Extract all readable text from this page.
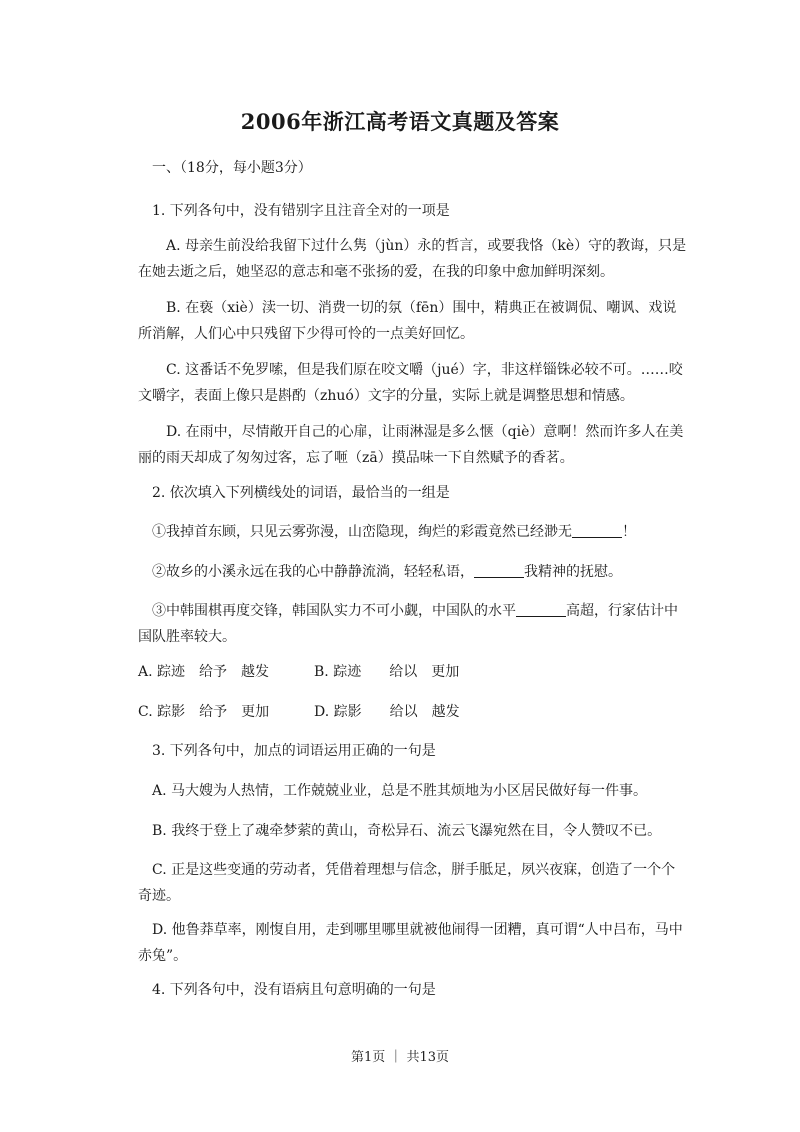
2006年浙江高考语文真题及答案

一、（18分，每小题3分）

1. 下列各句中，没有错别字且注音全对的一项是

A. 母亲生前没给我留下过什么隽（jùn）永的哲言，或要我恪（kè）守的教诲，只是在她去逝之后，她坚忍的意志和毫不张扬的爱，在我的印象中愈加鲜明深刻。

B. 在亵（xiè）渎一切、消费一切的氛（fēn）围中，精典正在被调侃、嘲讽、戏说所消解，人们心中只残留下少得可怜的一点美好回忆。

C. 这番话不免罗嗦，但是我们原在咬文嚼（jué）字，非这样锱铢必较不可。……咬文嚼字，表面上像只是斟酌（zhuó）文字的分量，实际上就是调整思想和情感。

D. 在雨中，尽情敞开自己的心扉，让雨淋湿是多么惬（qiè）意啊！然而许多人在美丽的雨天却成了匆匆过客，忘了咂（zā）摸品味一下自然赋予的香茗。

2. 依次填入下列横线处的词语，最恰当的一组是

①我掉首东顾，只见云雾弥漫，山峦隐现，绚烂的彩霞竟然已经渺无	！

②故乡的小溪永远在我的心中静静流淌，轻轻私语，	我精神的抚慰。

③中韩围棋再度交锋，韩国队实力不可小觑，中国队的水平	高超，行家估计中国队胜率较大。

A. 踪迹　给予　越发	B. 踪迹　　给以　更加
C. 踪影　给予　更加	D. 踪影　　给以　越发

3. 下列各句中，加点的词语运用正确的一句是

A. 马大嫂为人热情，工作兢兢业业，总是不胜其烦地为小区居民做好每一件事。

B. 我终于登上了魂牵梦萦的黄山，奇松异石、流云飞瀑宛然在目，令人赞叹不已。

C. 正是这些变通的劳动者，凭借着理想与信念，胼手胝足，夙兴夜寐，创造了一个个奇迹。

D. 他鲁莽草率，刚愎自用，走到哪里哪里就被他闹得一团糟，真可谓“人中吕布，马中赤兔”。

4. 下列各句中，没有语病且句意明确的一句是

第1页 ｜ 共13页
